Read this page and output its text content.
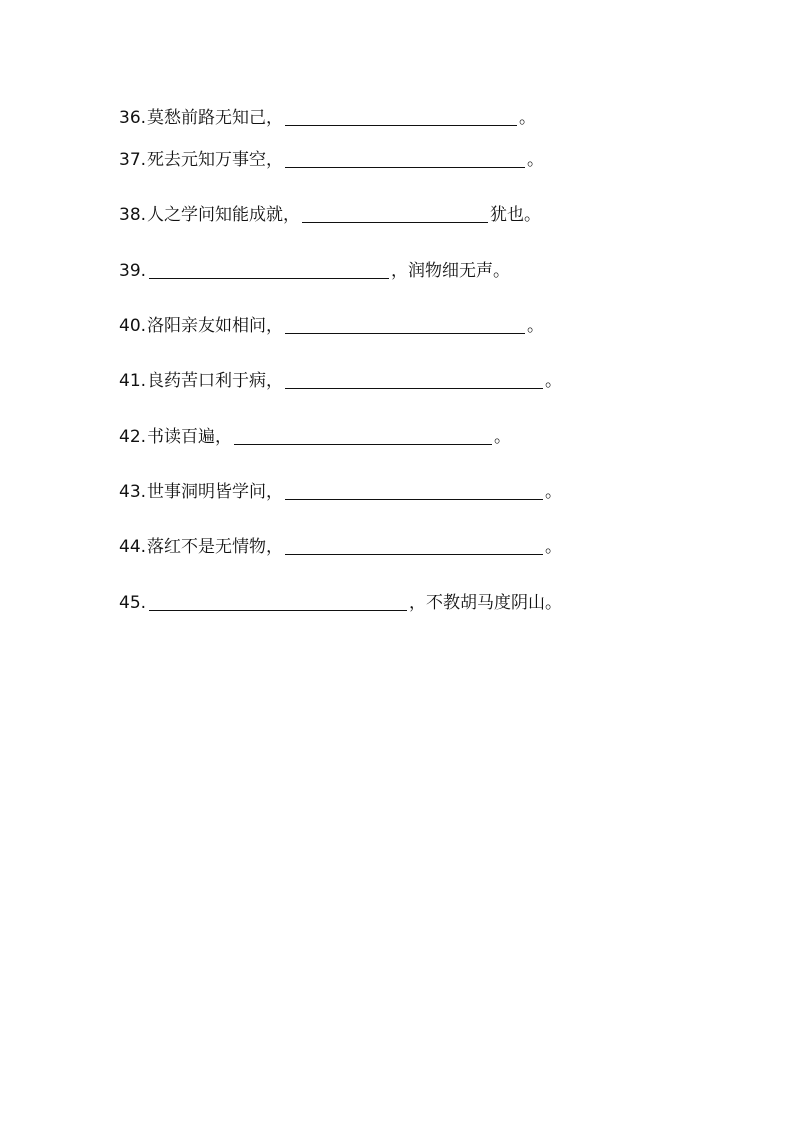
36. 莫愁前路无知己，	。
37. 死去元知万事空，	。
38. 人之学问知能成就，	犹也。
39.	，润物细无声。
40. 洛阳亲友如相问，	。
41. 良药苦口利于病，	。
42. 书读百遍，	。
43. 世事洞明皆学问，	。
44. 落红不是无情物，	。
45.	，不教胡马度阴山。
